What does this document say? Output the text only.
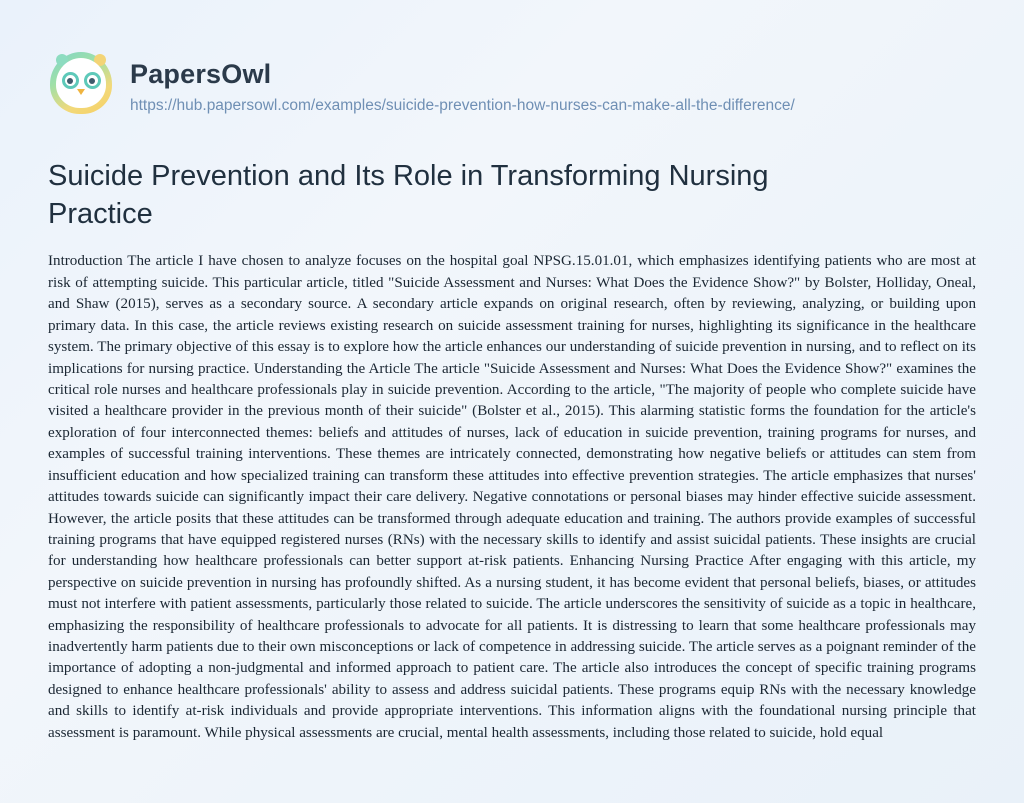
PapersOwl
https://hub.papersowl.com/examples/suicide-prevention-how-nurses-can-make-all-the-difference/
Suicide Prevention and Its Role in Transforming Nursing Practice
Introduction The article I have chosen to analyze focuses on the hospital goal NPSG.15.01.01, which emphasizes identifying patients who are most at risk of attempting suicide. This particular article, titled "Suicide Assessment and Nurses: What Does the Evidence Show?" by Bolster, Holliday, Oneal, and Shaw (2015), serves as a secondary source. A secondary article expands on original research, often by reviewing, analyzing, or building upon primary data. In this case, the article reviews existing research on suicide assessment training for nurses, highlighting its significance in the healthcare system. The primary objective of this essay is to explore how the article enhances our understanding of suicide prevention in nursing, and to reflect on its implications for nursing practice. Understanding the Article The article "Suicide Assessment and Nurses: What Does the Evidence Show?" examines the critical role nurses and healthcare professionals play in suicide prevention. According to the article, "The majority of people who complete suicide have visited a healthcare provider in the previous month of their suicide" (Bolster et al., 2015). This alarming statistic forms the foundation for the article's exploration of four interconnected themes: beliefs and attitudes of nurses, lack of education in suicide prevention, training programs for nurses, and examples of successful training interventions. These themes are intricately connected, demonstrating how negative beliefs or attitudes can stem from insufficient education and how specialized training can transform these attitudes into effective prevention strategies. The article emphasizes that nurses' attitudes towards suicide can significantly impact their care delivery. Negative connotations or personal biases may hinder effective suicide assessment. However, the article posits that these attitudes can be transformed through adequate education and training. The authors provide examples of successful training programs that have equipped registered nurses (RNs) with the necessary skills to identify and assist suicidal patients. These insights are crucial for understanding how healthcare professionals can better support at-risk patients. Enhancing Nursing Practice After engaging with this article, my perspective on suicide prevention in nursing has profoundly shifted. As a nursing student, it has become evident that personal beliefs, biases, or attitudes must not interfere with patient assessments, particularly those related to suicide. The article underscores the sensitivity of suicide as a topic in healthcare, emphasizing the responsibility of healthcare professionals to advocate for all patients. It is distressing to learn that some healthcare professionals may inadvertently harm patients due to their own misconceptions or lack of competence in addressing suicide. The article serves as a poignant reminder of the importance of adopting a non-judgmental and informed approach to patient care. The article also introduces the concept of specific training programs designed to enhance healthcare professionals' ability to assess and address suicidal patients. These programs equip RNs with the necessary knowledge and skills to identify at-risk individuals and provide appropriate interventions. This information aligns with the foundational nursing principle that assessment is paramount. While physical assessments are crucial, mental health assessments, including those related to suicide, hold equal
